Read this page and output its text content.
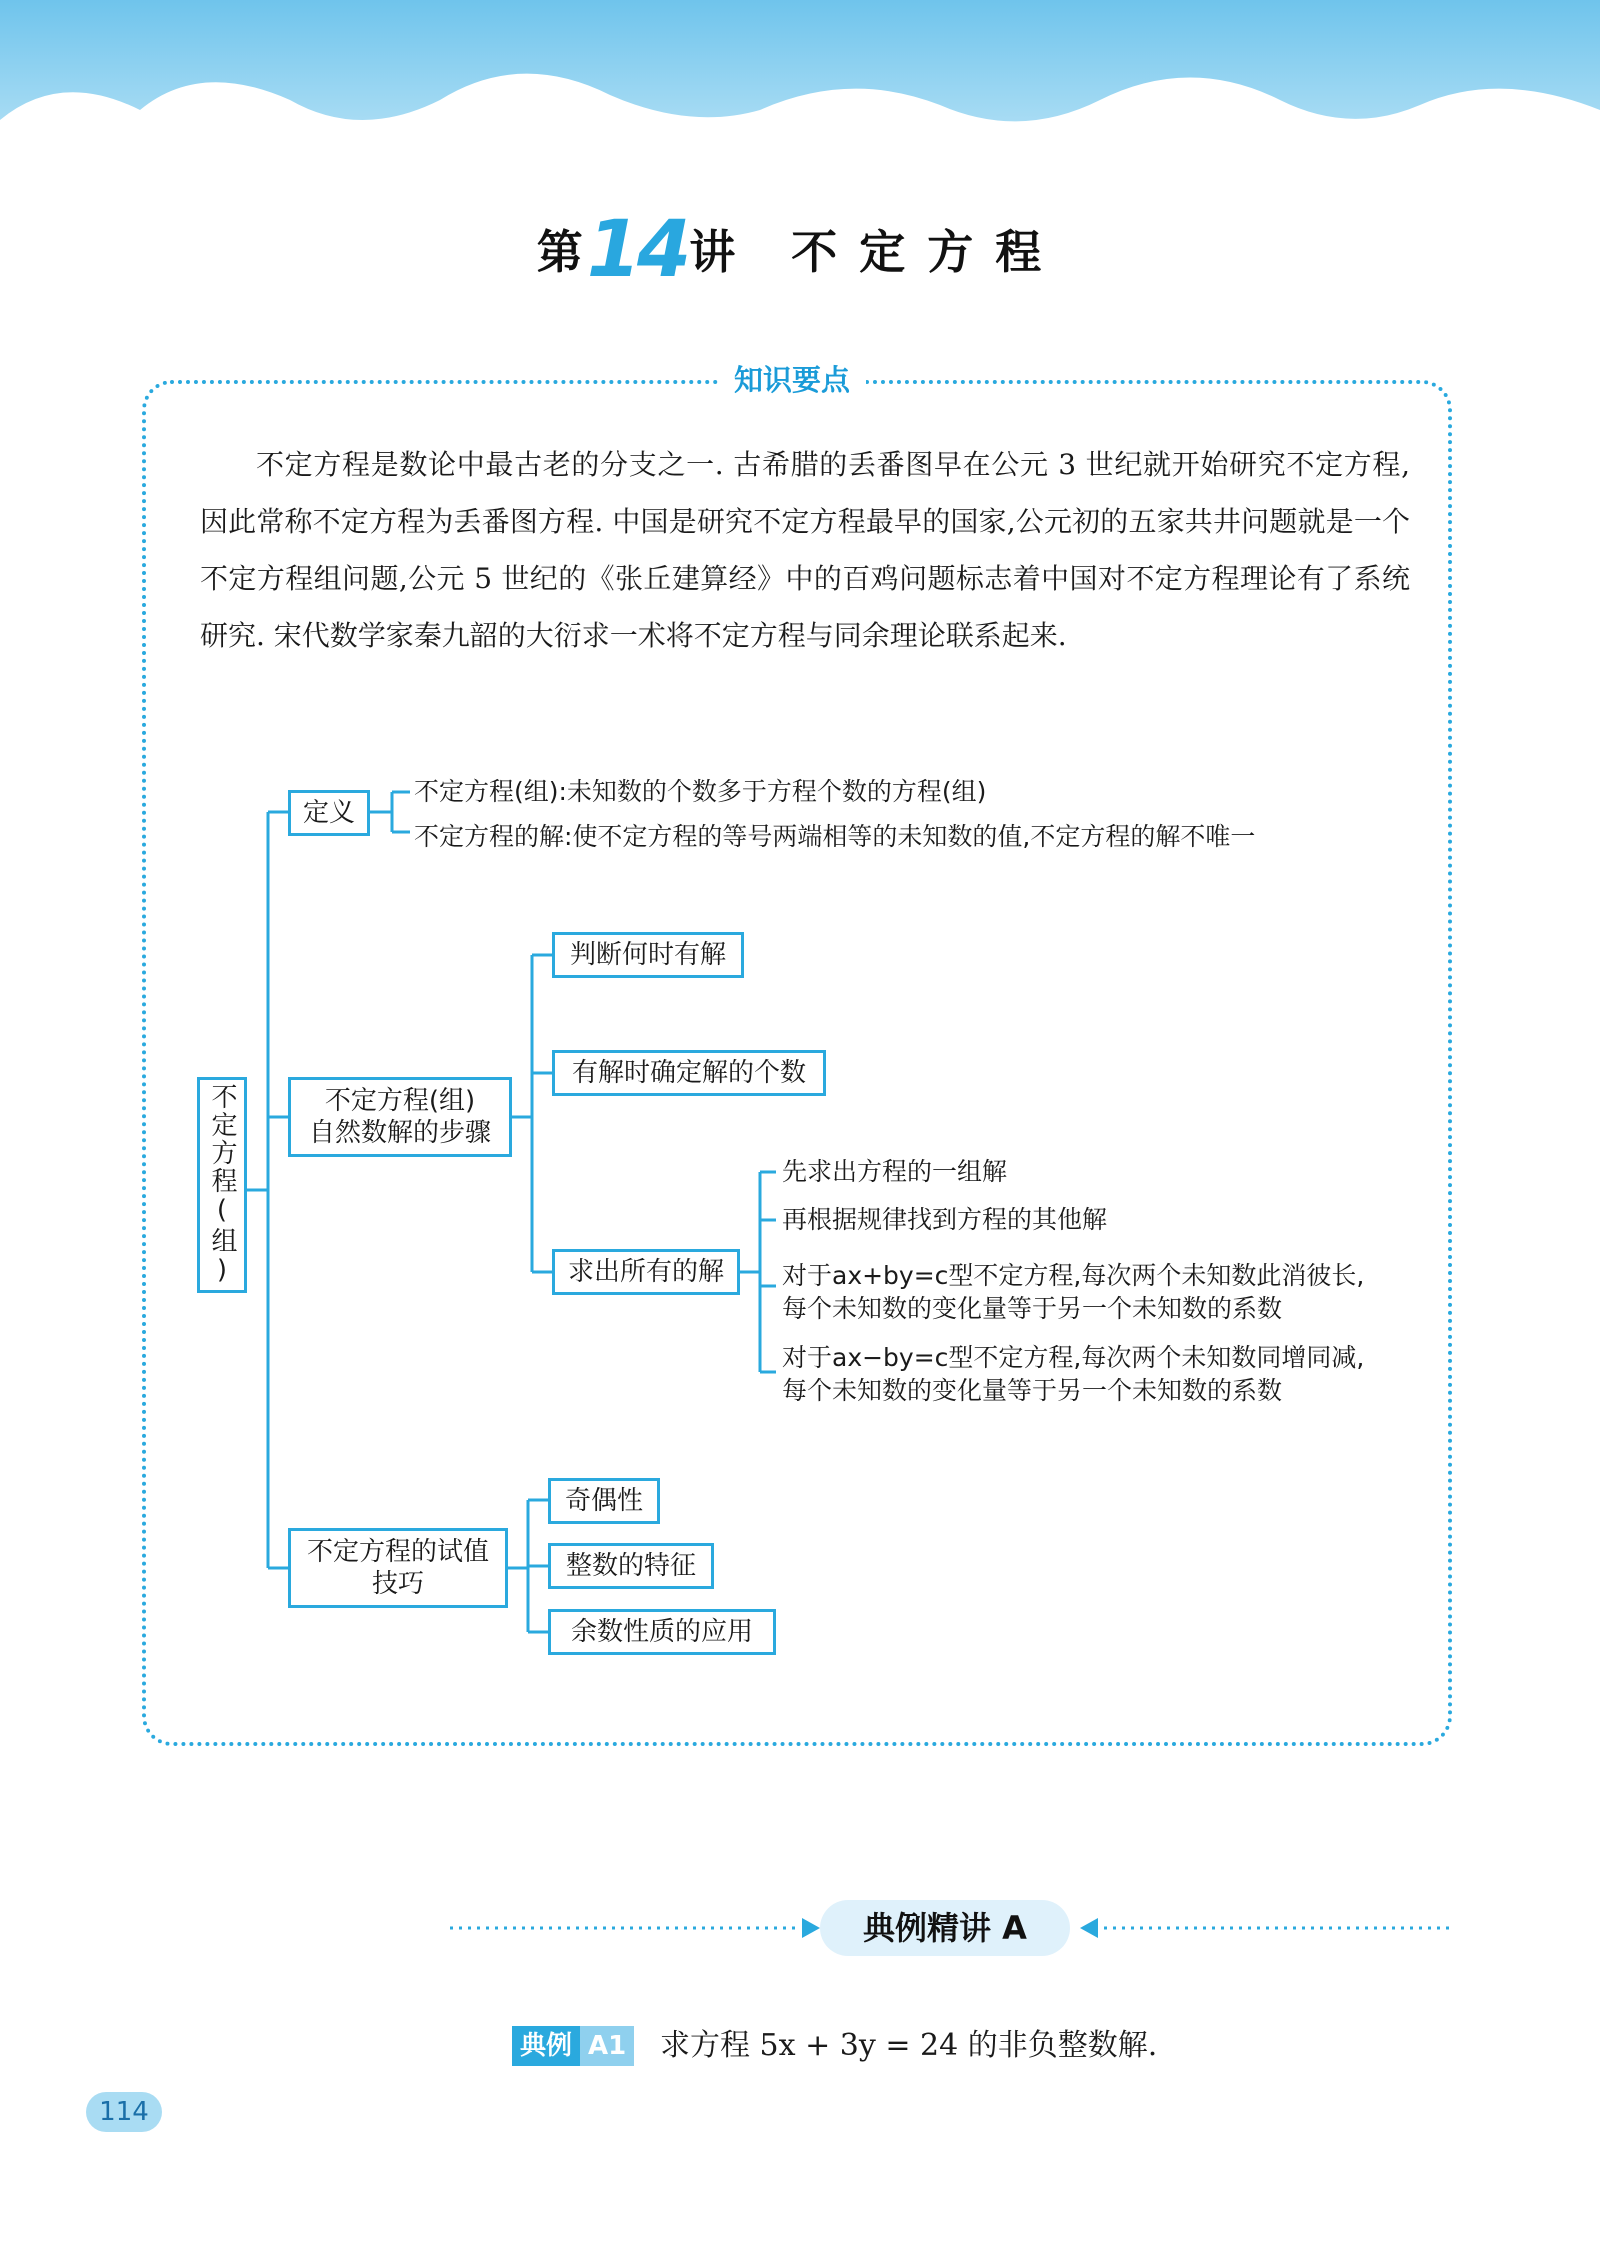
第14讲 不定方程
知识要点

不定方程是数论中最古老的分支之一. 古希腊的丢番图早在公元 3 世纪就开始研究不定方程,因此常称不定方程为丢番图方程. 中国是研究不定方程最早的国家,公元初的五家共井问题就是一个不定方程组问题,公元 5 世纪的《张丘建算经》中的百鸡问题标志着中国对不定方程理论有了系统研究. 宋代数学家秦九韶的大衍求一术将不定方程与同余理论联系起来.

不定方程(组)
定义
不定方程(组):未知数的个数多于方程个数的方程(组)
不定方程的解:使不定方程的等号两端相等的未知数的值,不定方程的解不唯一
不定方程(组)
自然数解的步骤
判断何时有解
有解时确定解的个数
求出所有的解
先求出方程的一组解
再根据规律找到方程的其他解
对于ax+by=c型不定方程,每次两个未知数此消彼长,
每个未知数的变化量等于另一个未知数的系数
对于ax−by=c型不定方程,每次两个未知数同增同减,
每个未知数的变化量等于另一个未知数的系数
不定方程的试值
技巧
奇偶性
整数的特征
余数性质的应用
典例精讲 A
典例 A1 求方程 5x + 3y = 24 的非负整数解.
114
